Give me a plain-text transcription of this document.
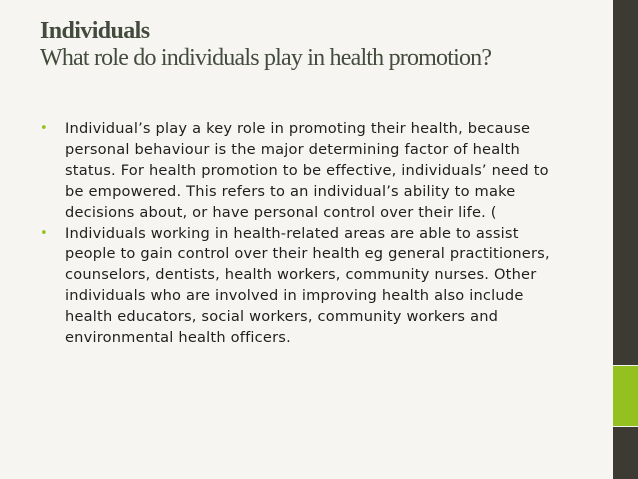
Individuals
What role do individuals play in health promotion?
• Individual’s play a key role in promoting their health, because personal behaviour is the major determining factor of health status. For health promotion to be effective, individuals’ need to be empowered. This refers to an individual’s ability to make decisions about, or have personal control over their life. (
• Individuals working in health-related areas are able to assist people to gain control over their health eg general practitioners, counselors, dentists, health workers, community nurses. Other individuals who are involved in improving health also include health educators, social workers, community workers and environmental health officers.
